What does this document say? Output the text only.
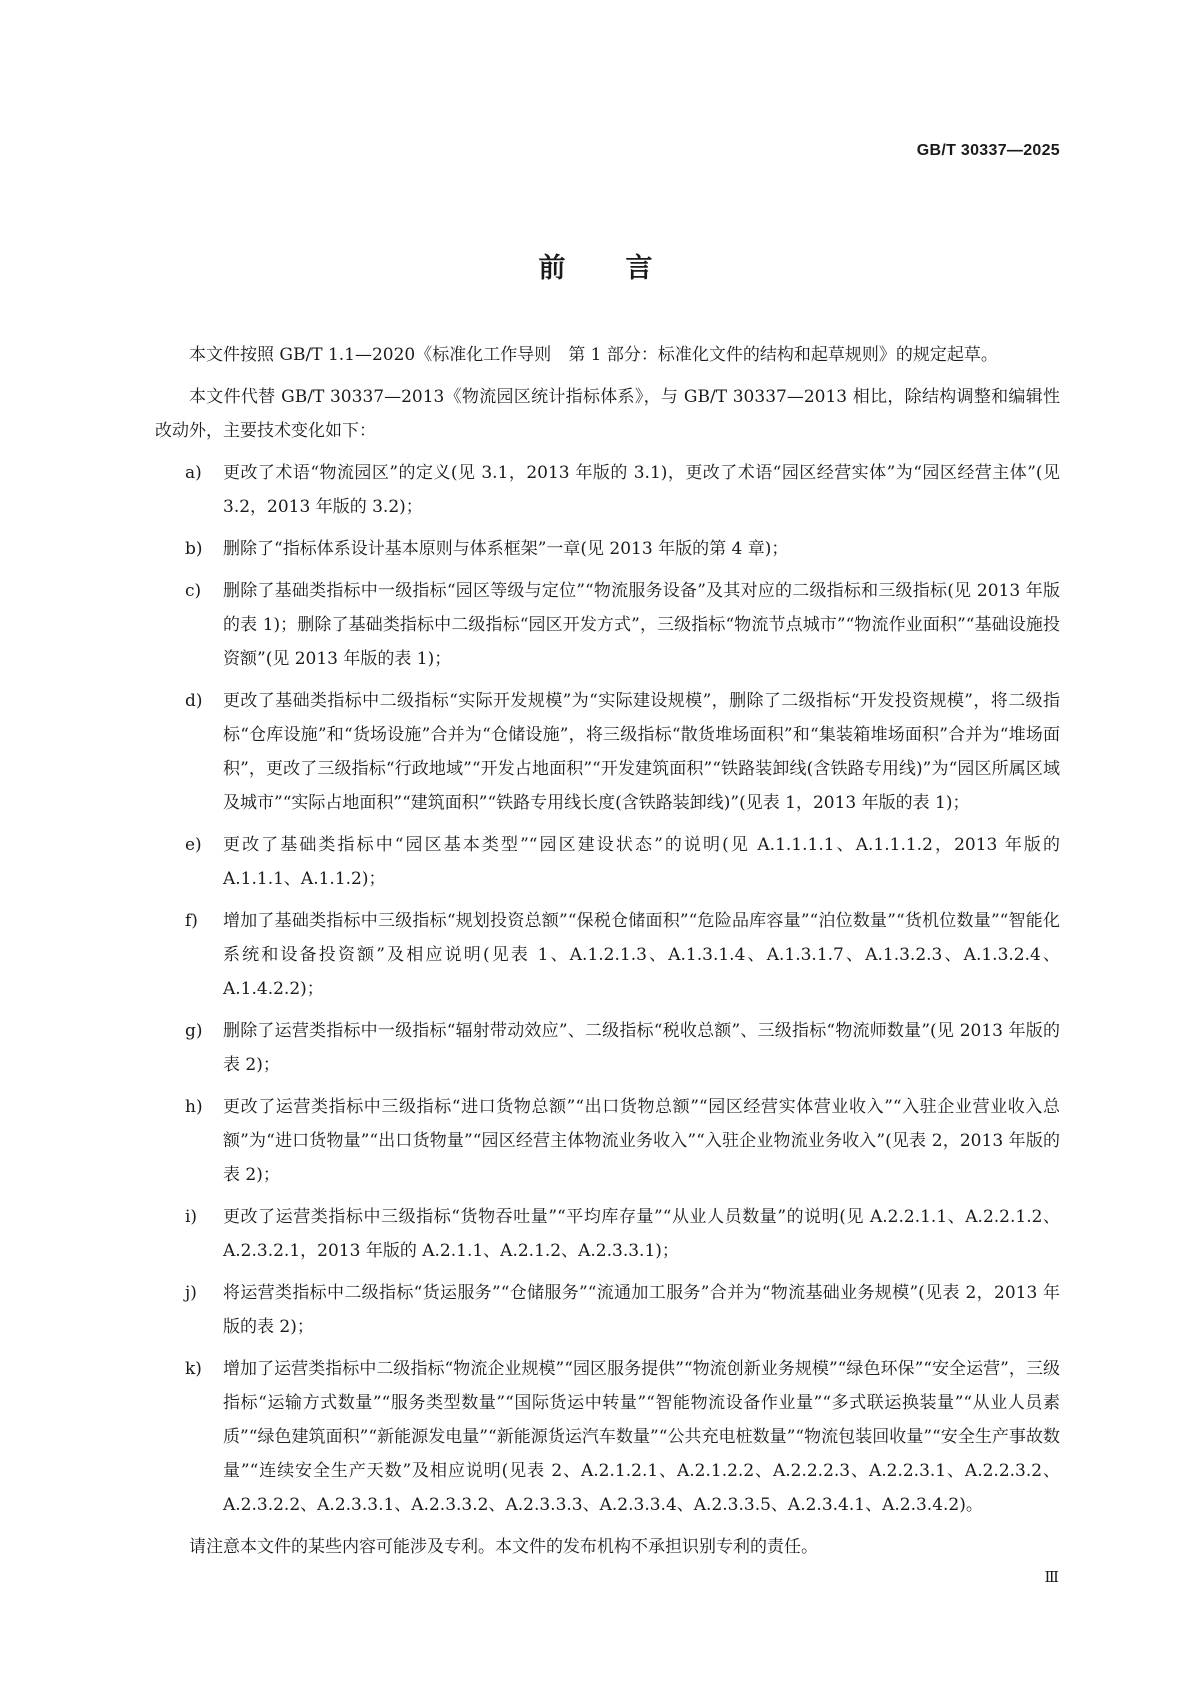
GB/T 30337—2025
前言

本文件按照 GB/T 1.1—2020《标准化工作导则　第 1 部分：标准化文件的结构和起草规则》的规定起草。

本文件代替 GB/T 30337—2013《物流园区统计指标体系》，与 GB/T 30337—2013 相比，除结构调整和编辑性改动外，主要技术变化如下：

a)	更改了术语“物流园区”的定义(见 3.1，2013 年版的 3.1)，更改了术语“园区经营实体”为“园区经营主体”(见 3.2，2013 年版的 3.2)；
b)	删除了“指标体系设计基本原则与体系框架”一章(见 2013 年版的第 4 章)；
c)	删除了基础类指标中一级指标“园区等级与定位”“物流服务设备”及其对应的二级指标和三级指标(见 2013 年版的表 1)；删除了基础类指标中二级指标“园区开发方式”，三级指标“物流节点城市”“物流作业面积”“基础设施投资额”(见 2013 年版的表 1)；
d)	更改了基础类指标中二级指标“实际开发规模”为“实际建设规模”，删除了二级指标“开发投资规模”，将二级指标“仓库设施”和“货场设施”合并为“仓储设施”，将三级指标“散货堆场面积”和“集装箱堆场面积”合并为“堆场面积”，更改了三级指标“行政地域”“开发占地面积”“开发建筑面积”“铁路装卸线(含铁路专用线)”为“园区所属区域及城市”“实际占地面积”“建筑面积”“铁路专用线长度(含铁路装卸线)”(见表 1，2013 年版的表 1)；
e)	更改了基础类指标中“园区基本类型”“园区建设状态”的说明(见 A.1.1.1.1、A.1.1.1.2，2013 年版的 A.1.1.1、A.1.1.2)；
f)	增加了基础类指标中三级指标“规划投资总额”“保税仓储面积”“危险品库容量”“泊位数量”“货机位数量”“智能化系统和设备投资额”及相应说明(见表 1、A.1.2.1.3、A.1.3.1.4、A.1.3.1.7、A.1.3.2.3、A.1.3.2.4、A.1.4.2.2)；
g)	删除了运营类指标中一级指标“辐射带动效应”、二级指标“税收总额”、三级指标“物流师数量”(见 2013 年版的表 2)；
h)	更改了运营类指标中三级指标“进口货物总额”“出口货物总额”“园区经营实体营业收入”“入驻企业营业收入总额”为“进口货物量”“出口货物量”“园区经营主体物流业务收入”“入驻企业物流业务收入”(见表 2，2013 年版的表 2)；
i)	更改了运营类指标中三级指标“货物吞吐量”“平均库存量”“从业人员数量”的说明(见 A.2.2.1.1、A.2.2.1.2、A.2.3.2.1，2013 年版的 A.2.1.1、A.2.1.2、A.2.3.3.1)；
j)	将运营类指标中二级指标“货运服务”“仓储服务”“流通加工服务”合并为“物流基础业务规模”(见表 2，2013 年版的表 2)；
k)	增加了运营类指标中二级指标“物流企业规模”“园区服务提供”“物流创新业务规模”“绿色环保”“安全运营”，三级指标“运输方式数量”“服务类型数量”“国际货运中转量”“智能物流设备作业量”“多式联运换装量”“从业人员素质”“绿色建筑面积”“新能源发电量”“新能源货运汽车数量”“公共充电桩数量”“物流包装回收量”“安全生产事故数量”“连续安全生产天数”及相应说明(见表 2、A.2.1.2.1、A.2.1.2.2、A.2.2.2.3、A.2.2.3.1、A.2.2.3.2、A.2.3.2.2、A.2.3.3.1、A.2.3.3.2、A.2.3.3.3、A.2.3.3.4、A.2.3.3.5、A.2.3.4.1、A.2.3.4.2)。

请注意本文件的某些内容可能涉及专利。本文件的发布机构不承担识别专利的责任。

Ⅲ
